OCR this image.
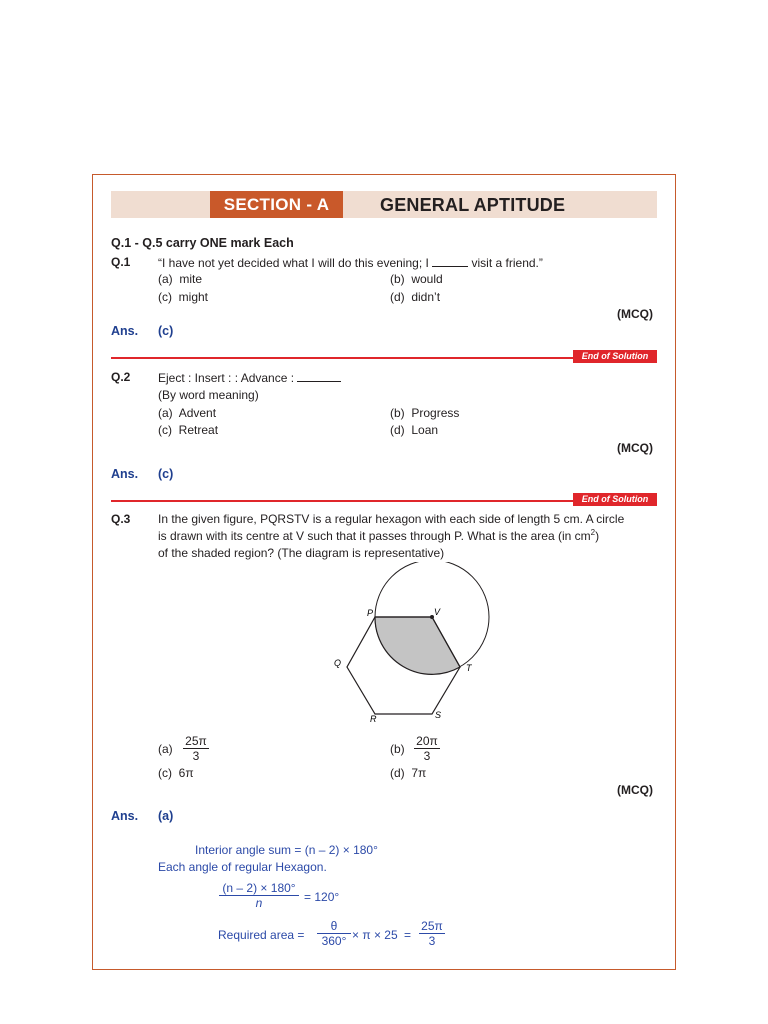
SECTION - A	GENERAL APTITUDE
Q.1 - Q.5 carry ONE mark Each
Q.1 “I have not yet decided what I will do this evening; I	visit a friend.”
(a) mite	(b) would
(c) might	(d) didn’t
(MCQ)
Ans. (c)
End of Solution
Q.2 Eject : Insert : : Advance :
(By word meaning)
(a) Advent	(b) Progress
(c) Retreat	(d) Loan
(MCQ)
Ans. (c)
End of Solution
Q.3 In the given figure, PQRSTV is a regular hexagon with each side of length 5 cm. A circle
is drawn with its centre at V such that it passes through P. What is the area (in $cm^2$)
of the shaded region? (The diagram is representative)
P	V
Q	T
R	S
$(a) \frac{25\pi}{3}$	$(b) \frac{20\pi}{3}$
(c) 6π	(d) 7π
(MCQ)
Ans. (a)
Interior angle sum = (n – 2) × 180°
Each angle of regular Hexagon.
$\frac{(n - 2) \times 180^\circ}{n} = 120^\circ$
Required area = $\frac{\theta}{360^\circ} \times \pi \times 25 = \frac{25\pi}{3}$
